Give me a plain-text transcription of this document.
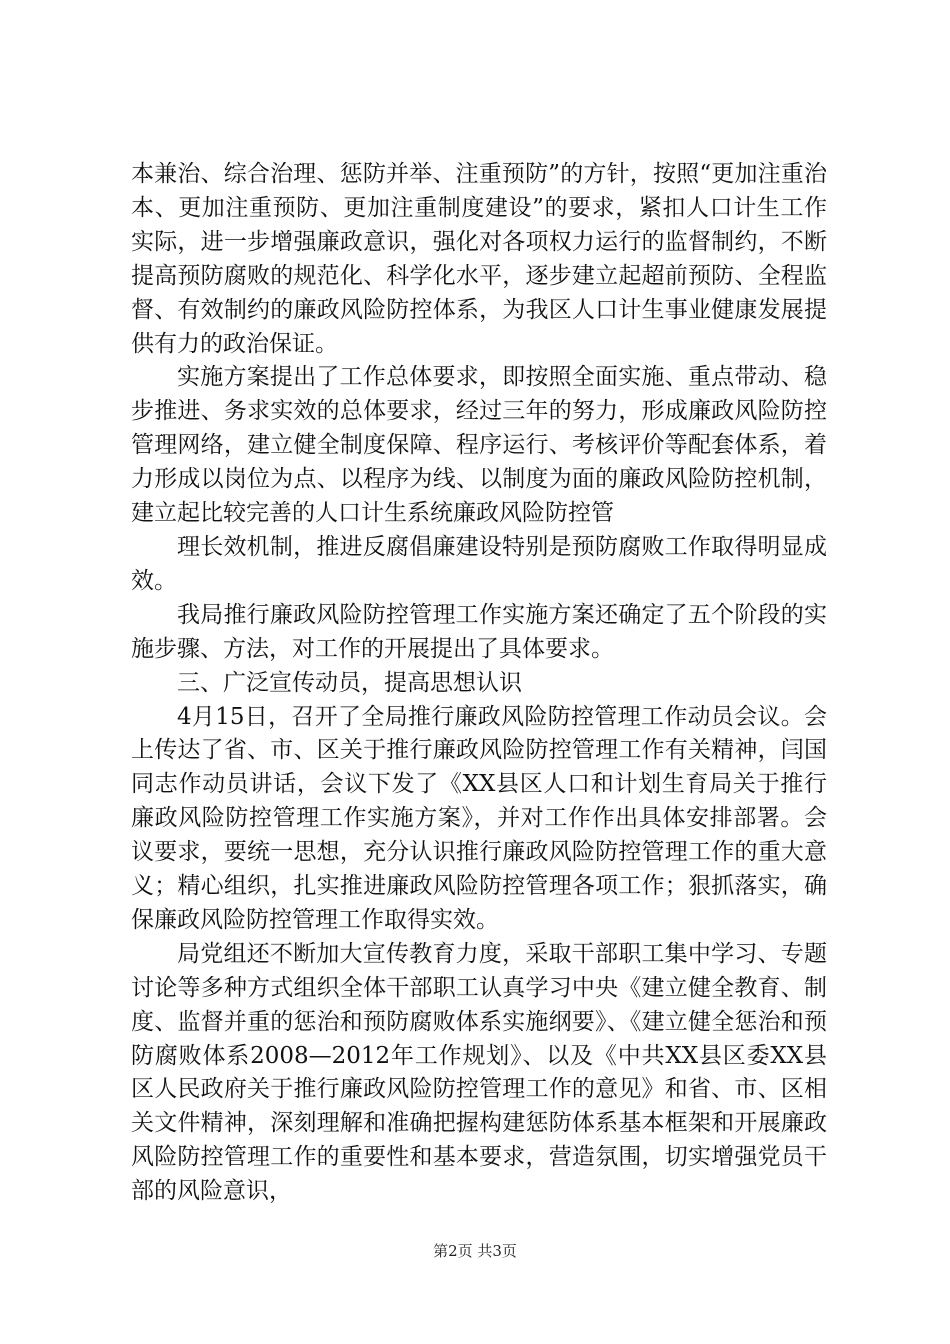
本兼治、综合治理、惩防并举、注重预防”的方针，按照“更加注重治本、更加注重预防、更加注重制度建设”的要求，紧扣人口计生工作实际，进一步增强廉政意识，强化对各项权力运行的监督制约，不断提高预防腐败的规范化、科学化水平，逐步建立起超前预防、全程监督、有效制约的廉政风险防控体系，为我区人口计生事业健康发展提供有力的政治保证。

实施方案提出了工作总体要求，即按照全面实施、重点带动、稳步推进、务求实效的总体要求，经过三年的努力，形成廉政风险防控管理网络，建立健全制度保障、程序运行、考核评价等配套体系，着力形成以岗位为点、以程序为线、以制度为面的廉政风险防控机制，建立起比较完善的人口计生系统廉政风险防控管

理长效机制，推进反腐倡廉建设特别是预防腐败工作取得明显成效。

我局推行廉政风险防控管理工作实施方案还确定了五个阶段的实施步骤、方法，对工作的开展提出了具体要求。

三、广泛宣传动员，提高思想认识

4月15日，召开了全局推行廉政风险防控管理工作动员会议。会上传达了省、市、区关于推行廉政风险防控管理工作有关精神，闫国同志作动员讲话，会议下发了《XX县区人口和计划生育局关于推行廉政风险防控管理工作实施方案》，并对工作作出具体安排部署。会议要求，要统一思想，充分认识推行廉政风险防控管理工作的重大意义；精心组织，扎实推进廉政风险防控管理各项工作；狠抓落实，确保廉政风险防控管理工作取得实效。

局党组还不断加大宣传教育力度，采取干部职工集中学习、专题讨论等多种方式组织全体干部职工认真学习中央《建立健全教育、制度、监督并重的惩治和预防腐败体系实施纲要》、《建立健全惩治和预防腐败体系2008—2012年工作规划》、以及《中共XX县区委XX县区人民政府关于推行廉政风险防控管理工作的意见》和省、市、区相关文件精神，深刻理解和准确把握构建惩防体系基本框架和开展廉政风险防控管理工作的重要性和基本要求，营造氛围，切实增强党员干部的风险意识，

第2页 共3页
